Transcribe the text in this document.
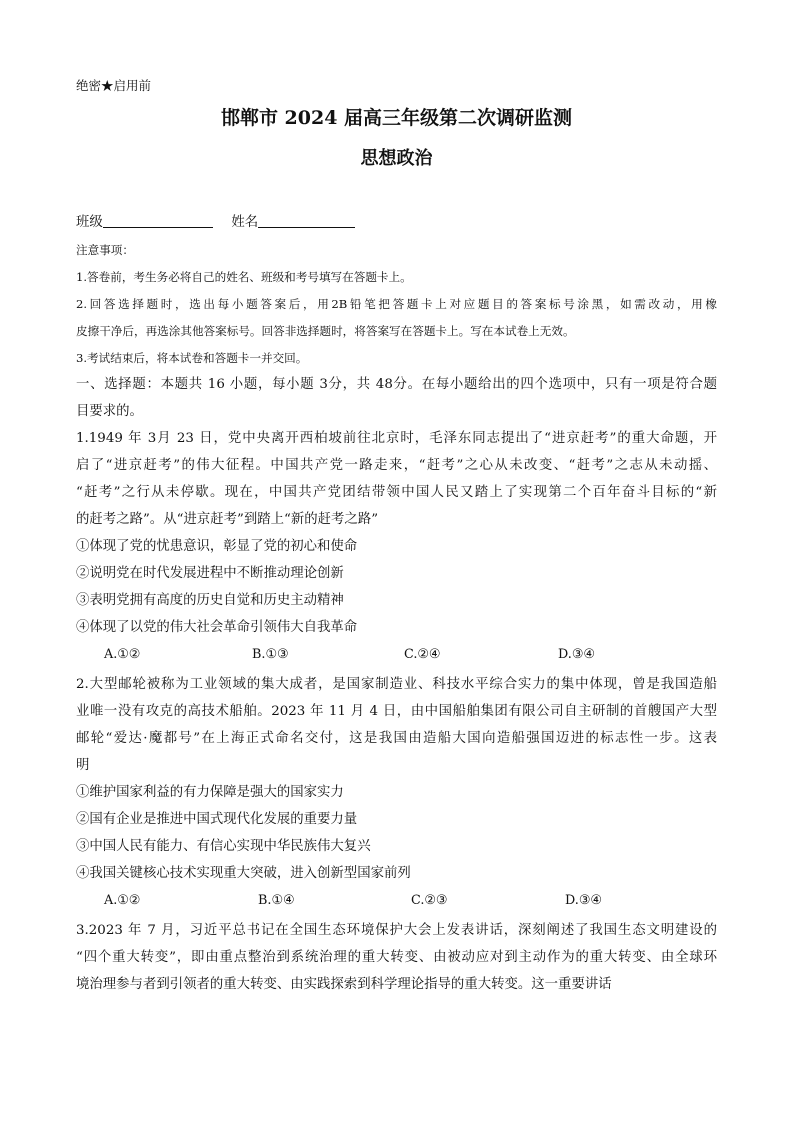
绝密★启用前
邯郸市 2024 届高三年级第二次调研监测
思想政治
班级	姓名
注意事项：
1.答卷前，考生务必将自己的姓名、班级和考号填写在答题卡上。
2.回答选择题时，选出每小题答案后，用2B铅笔把答题卡上对应题目的答案标号涂黑，如需改动，用橡
皮擦干净后，再选涂其他答案标号。回答非选择题时，将答案写在答题卡上。写在本试卷上无效。
3.考试结束后，将本试卷和答题卡一并交回。
一、选择题：本题共 16 小题，每小题 3分，共 48分。在每小题给出的四个选项中，只有一项是符合题
目要求的。
1.1949 年 3月 23 日，党中央离开西柏坡前往北京时，毛泽东同志提出了“进京赶考”的重大命题，开
启了“进京赶考”的伟大征程。中国共产党一路走来，“赶考”之心从未改变、“赶考”之志从未动摇、
“赶考”之行从未停歇。现在，中国共产党团结带领中国人民又踏上了实现第二个百年奋斗目标的“新
的赶考之路”。从“进京赶考”到踏上“新的赶考之路”
①体现了党的忧患意识，彰显了党的初心和使命
②说明党在时代发展进程中不断推动理论创新
③表明党拥有高度的历史自觉和历史主动精神
④体现了以党的伟大社会革命引领伟大自我革命
A.①②	B.①③	C.②④	D.③④
2.大型邮轮被称为工业领域的集大成者，是国家制造业、科技水平综合实力的集中体现，曾是我国造船
业唯一没有攻克的高技术船舶。2023 年 11 月 4 日，由中国船舶集团有限公司自主研制的首艘国产大型
邮轮“爱达·魔都号”在上海正式命名交付，这是我国由造船大国向造船强国迈进的标志性一步。这表
明
①维护国家利益的有力保障是强大的国家实力
②国有企业是推进中国式现代化发展的重要力量
③中国人民有能力、有信心实现中华民族伟大复兴
④我国关键核心技术实现重大突破，进入创新型国家前列
A.①②	B.①④	C.②③	D.③④
3.2023 年 7 月，习近平总书记在全国生态环境保护大会上发表讲话，深刻阐述了我国生态文明建设的
“四个重大转变”，即由重点整治到系统治理的重大转变、由被动应对到主动作为的重大转变、由全球环
境治理参与者到引领者的重大转变、由实践探索到科学理论指导的重大转变。这一重要讲话
